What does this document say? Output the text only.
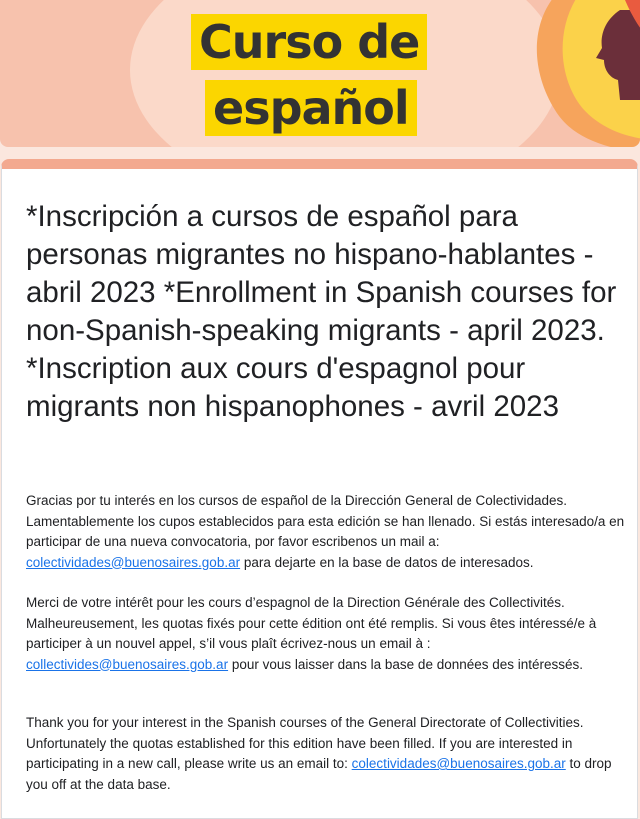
Curso de
español
*Inscripción a cursos de español para personas migrantes no hispano-hablantes - abril 2023 *Enrollment in Spanish courses for non-Spanish-speaking migrants - april 2023. *Inscription aux cours d'espagnol pour migrants non hispanophones - avril 2023

Gracias por tu interés en los cursos de español de la Dirección General de Colectividades. Lamentablemente los cupos establecidos para esta edición se han llenado. Si estás interesado/a en participar de una nueva convocatoria, por favor escribenos un mail a: colectividades@buenosaires.gob.ar para dejarte en la base de datos de interesados.

Merci de votre intérêt pour les cours d’espagnol de la Direction Générale des Collectivités. Malheureusement, les quotas fixés pour cette édition ont été remplis. Si vous êtes intéressé/e à participer à un nouvel appel, s’il vous plaît écrivez-nous un email à : collectivides@buenosaires.gob.ar pour vous laisser dans la base de données des intéressés.

Thank you for your interest in the Spanish courses of the General Directorate of Collectivities. Unfortunately the quotas established for this edition have been filled. If you are interested in participating in a new call, please write us an email to: colectividades@buenosaires.gob.ar to drop you off at the data base.
